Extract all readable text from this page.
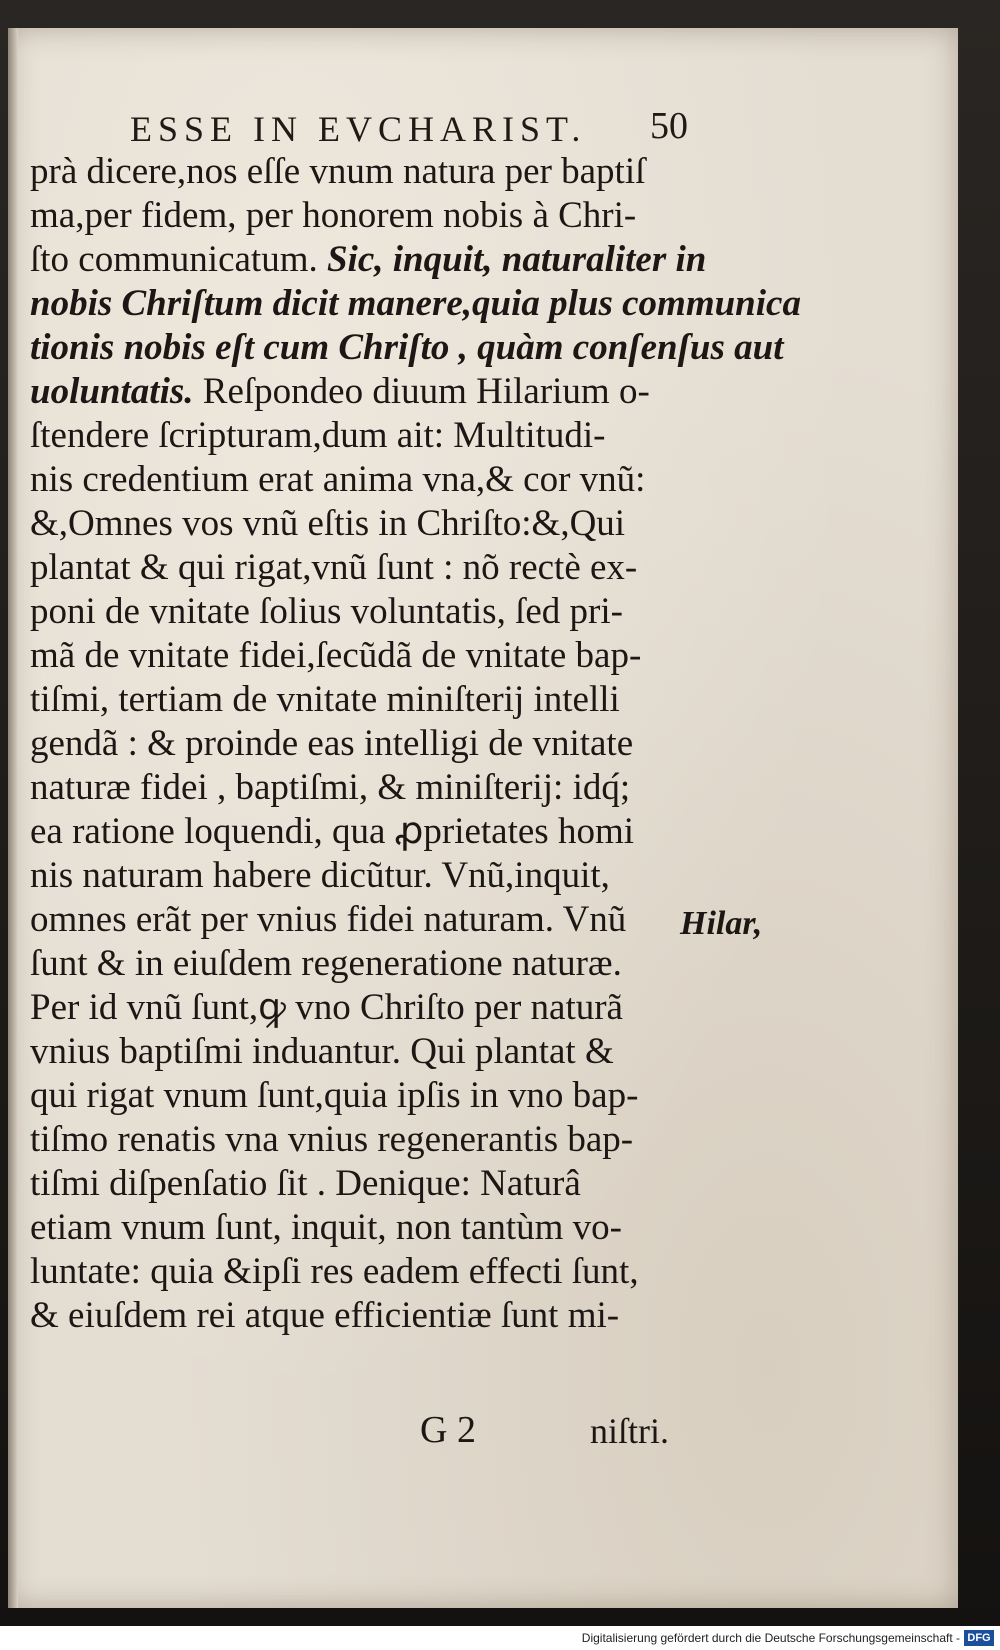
ESSE IN EVCHARIST. 50
prà dicere,nos eſſe vnum natura per baptiſ
ma,per fidem, per honorem nobis à Chri-
ſto communicatum. Sic, inquit, naturaliter in
nobis Chriſtum dicit manere,quia plus communica
tionis nobis eſt cum Chriſto , quàm conſenſus aut
uoluntatis. Reſpondeo diuum Hilarium o-
ſtendere ſcripturam,dum ait: Multitudi-
nis credentium erat anima vna,& cor vnũ:
&,Omnes vos vnũ eſtis in Chriſto:&,Qui
plantat & qui rigat,vnũ ſunt : nõ rectè ex-
poni de vnitate ſolius voluntatis, ſed pri-
mã de vnitate fidei,ſecũdã de vnitate bap-
tiſmi, tertiam de vnitate miniſterij intelli
gendã : & proinde eas intelligi de vnitate
naturæ fidei , baptiſmi, & miniſterij: idq́;
ea ratione loquendi, qua ꝓprietates homi
nis naturam habere dicũtur. Vnũ,inquit,
omnes erãt per vnius fidei naturam. Vnũ
ſunt & in eiuſdem regeneratione naturæ.
Per id vnũ ſunt,ꝙ vno Chriſto per naturã
vnius baptiſmi induantur. Qui plantat &
qui rigat vnum ſunt,quia ipſis in vno bap-
tiſmo renatis vna vnius regenerantis bap-
tiſmi diſpenſatio ſit . Denique: Naturâ
etiam vnum ſunt, inquit, non tantùm vo-
luntate: quia &ipſi res eadem effecti ſunt,
& eiuſdem rei atque efficientiæ ſunt mi-
Hilar,
G 2	niſtri.
Digitalisierung gefördert durch die Deutsche Forschungsgemeinschaft - DFG
